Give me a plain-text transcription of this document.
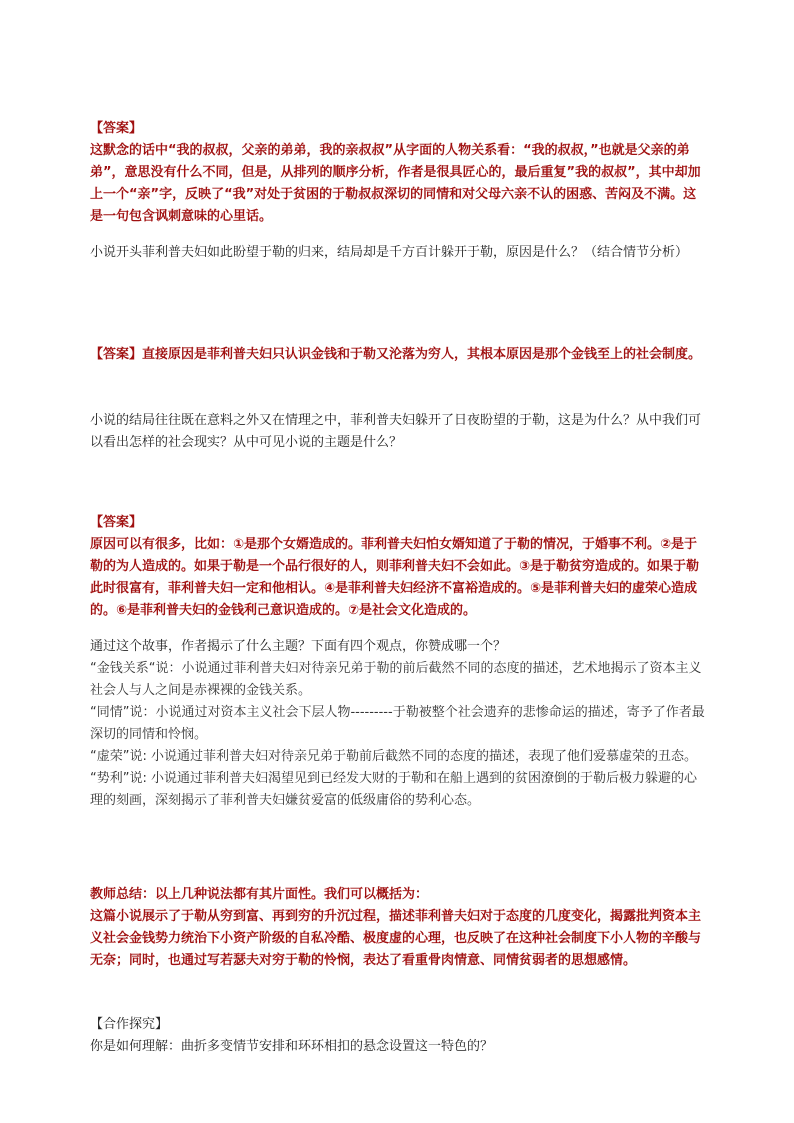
【答案】

这默念的话中“我的叔叔，父亲的弟弟，我的亲叔叔”从字面的人物关系看：“我的叔叔，”也就是父亲的弟弟”，意思没有什么不同，但是，从排列的顺序分析，作者是很具匠心的，最后重复”我的叔叔”，其中却加上一个“亲”字，反映了“我”对处于贫困的于勒叔叔深切的同情和对父母六亲不认的困惑、苦闷及不满。这是一句包含讽刺意味的心里话。

小说开头菲利普夫妇如此盼望于勒的归来，结局却是千方百计躲开于勒，原因是什么？（结合情节分析）

【答案】直接原因是菲利普夫妇只认识金钱和于勒又沦落为穷人，其根本原因是那个金钱至上的社会制度。

小说的结局往往既在意料之外又在情理之中，菲利普夫妇躲开了日夜盼望的于勒，这是为什么？从中我们可以看出怎样的社会现实？从中可见小说的主题是什么？

【答案】

原因可以有很多，比如：①是那个女婿造成的。菲利普夫妇怕女婿知道了于勒的情况，于婚事不利。②是于勒的为人造成的。如果于勒是一个品行很好的人，则菲利普夫妇不会如此。③是于勒贫穷造成的。如果于勒此时很富有，菲利普夫妇一定和他相认。④是菲利普夫妇经济不富裕造成的。⑤是菲利普夫妇的虚荣心造成的。⑥是菲利普夫妇的金钱利己意识造成的。⑦是社会文化造成的。

通过这个故事，作者揭示了什么主题？下面有四个观点，你赞成哪一个？

“金钱关系“说：小说通过菲利普夫妇对待亲兄弟于勒的前后截然不同的态度的描述，艺术地揭示了资本主义社会人与人之间是赤裸裸的金钱关系。

“同情”说：小说通过对资本主义社会下层人物---------于勒被整个社会遗弃的悲惨命运的描述，寄予了作者最深切的同情和怜悯。

“虚荣”说: 小说通过菲利普夫妇对待亲兄弟于勒前后截然不同的态度的描述，表现了他们爱慕虚荣的丑态。

“势利”说: 小说通过菲利普夫妇渴望见到已经发大财的于勒和在船上遇到的贫困潦倒的于勒后极力躲避的心理的刻画，深刻揭示了菲利普夫妇嫌贫爱富的低级庸俗的势利心态。

教师总结：以上几种说法都有其片面性。我们可以概括为：

这篇小说展示了于勒从穷到富、再到穷的升沉过程，描述菲利普夫妇对于态度的几度变化，揭露批判资本主义社会金钱势力统治下小资产阶级的自私冷酷、极度虚的心理，也反映了在这种社会制度下小人物的辛酸与无奈；同时，也通过写若瑟夫对穷于勒的怜悯，表达了看重骨肉情意、同情贫弱者的思想感情。

【合作探究】

你是如何理解：曲折多变情节安排和环环相扣的悬念设置这一特色的？
